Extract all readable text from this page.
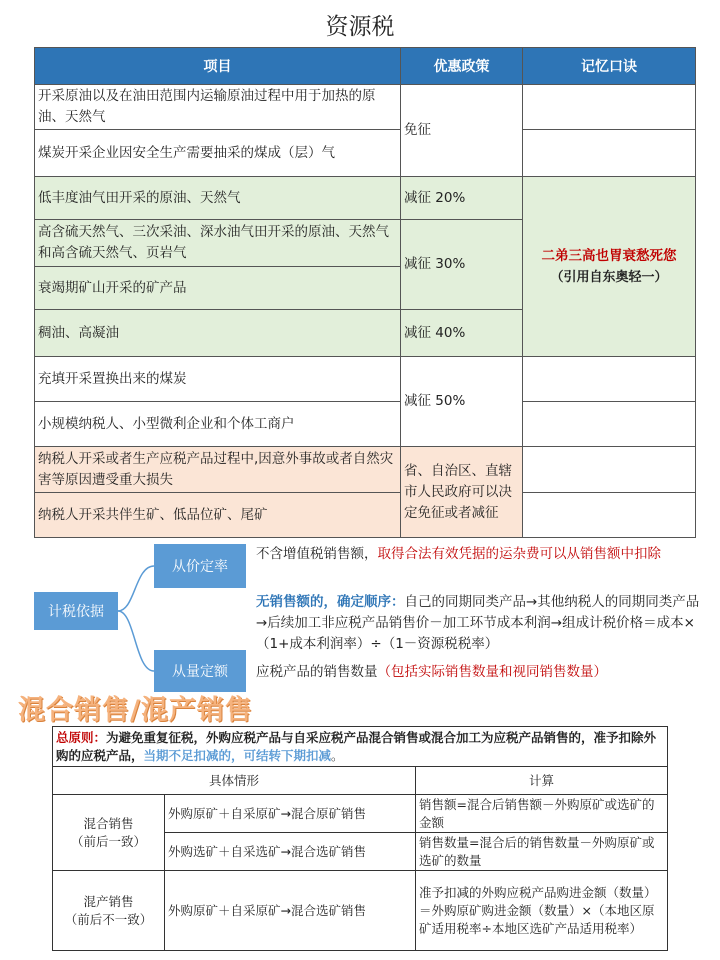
资源税
项目	优惠政策	记忆口诀
开采原油以及在油田范围内运输原油过程中用于加热的原油、天然气	免征	
煤炭开采企业因安全生产需要抽采的煤成（层）气		
低丰度油气田开采的原油、天然气	减征 20%	二弟三高也胃衰愁死您
（引用自东奥轻一）

高含硫天然气、三次采油、深水油气田开采的原油、天然气和高含硫天然气、页岩气	减征 30%	
衰竭期矿山开采的矿产品		
稠油、高凝油	减征 40%	
充填开采置换出来的煤炭	减征 50%	
小规模纳税人、小型微利企业和个体工商户		
纳税人开采或者生产应税产品过程中,因意外事故或者自然灾害等原因遭受重大损失	省、自治区、直辖市人民政府可以决定免征或者减征	
纳税人开采共伴生矿、低品位矿、尾矿		
计税依据
从价定率
从量定额
不含增值税销售额，取得合法有效凭据的运杂费可以从销售额中扣除
无销售额的，确定顺序：自己的同期同类产品→其他纳税人的同期同类产品→后续加工非应税产品销售价－加工环节成本利润→组成计税价格＝成本×（1+成本利润率）÷（1－资源税税率）
应税产品的销售数量（包括实际销售数量和视同销售数量）
混合销售/混产销售
总原则：为避免重复征税，外购应税产品与自采应税产品混合销售或混合加工为应税产品销售的，准予扣除外购的应税产品，当期不足扣减的，可结转下期扣减。		
具体情形		计算

混合销售
（前后一致）	外购原矿＋自采原矿→混合原矿销售	销售额=混合后销售额－外购原矿或选矿的金额
	外购选矿＋自采选矿→混合选矿销售	销售数量=混合后的销售数量－外购原矿或选矿的数量

混产销售
（前后不一致）	外购原矿＋自采原矿→混合选矿销售	准予扣减的外购应税产品购进金额（数量）＝外购原矿购进金额（数量）×（本地区原矿适用税率÷本地区选矿产品适用税率）
